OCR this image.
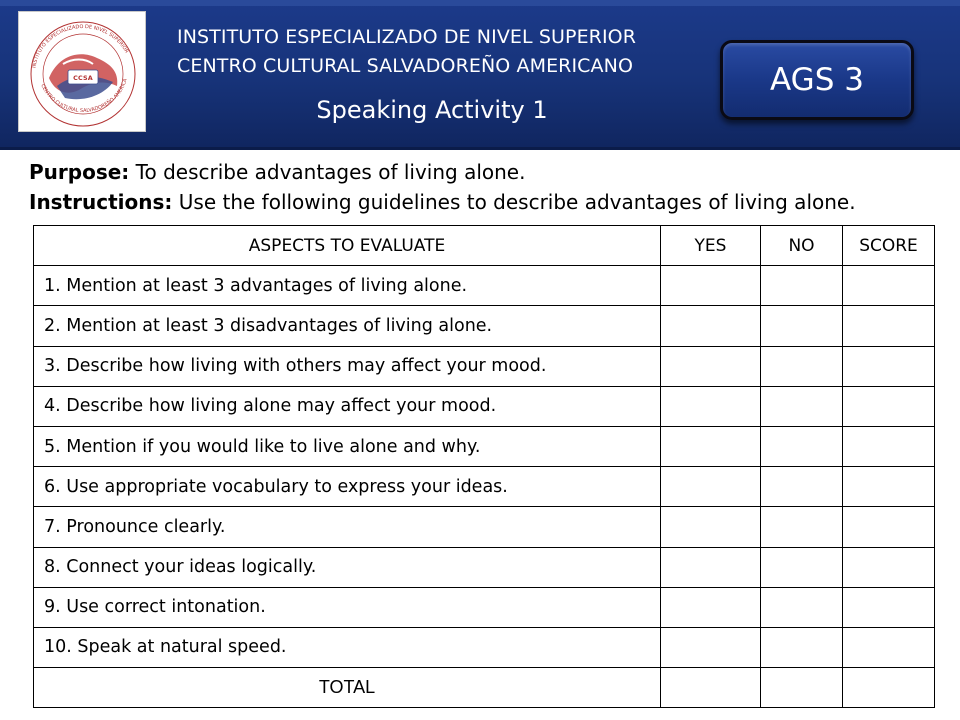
INSTITUTO ESPECIALIZADO DE NIVEL SUPERIOR
CENTRO CULTURAL SALVADOREÑO AMERICA
CCSA
INSTITUTO ESPECIALIZADO DE NIVEL SUPERIOR
CENTRO CULTURAL SALVADOREÑO AMERICANO
Speaking Activity 1
AGS 3
Purpose: To describe advantages of living alone.
Instructions: Use the following guidelines to describe advantages of living alone.
ASPECTS TO EVALUATE	YES	NO	SCORE
1. Mention at least 3 advantages of living alone.			
2. Mention at least 3 disadvantages of living alone.			
3. Describe how living with others may affect your mood.			
4. Describe how living alone may affect your mood.			
5. Mention if you would like to live alone and why.			
6. Use appropriate vocabulary to express your ideas.			
7. Pronounce clearly.			
8. Connect your ideas logically.			
9. Use correct intonation.			
10. Speak at natural speed.			
TOTAL			
